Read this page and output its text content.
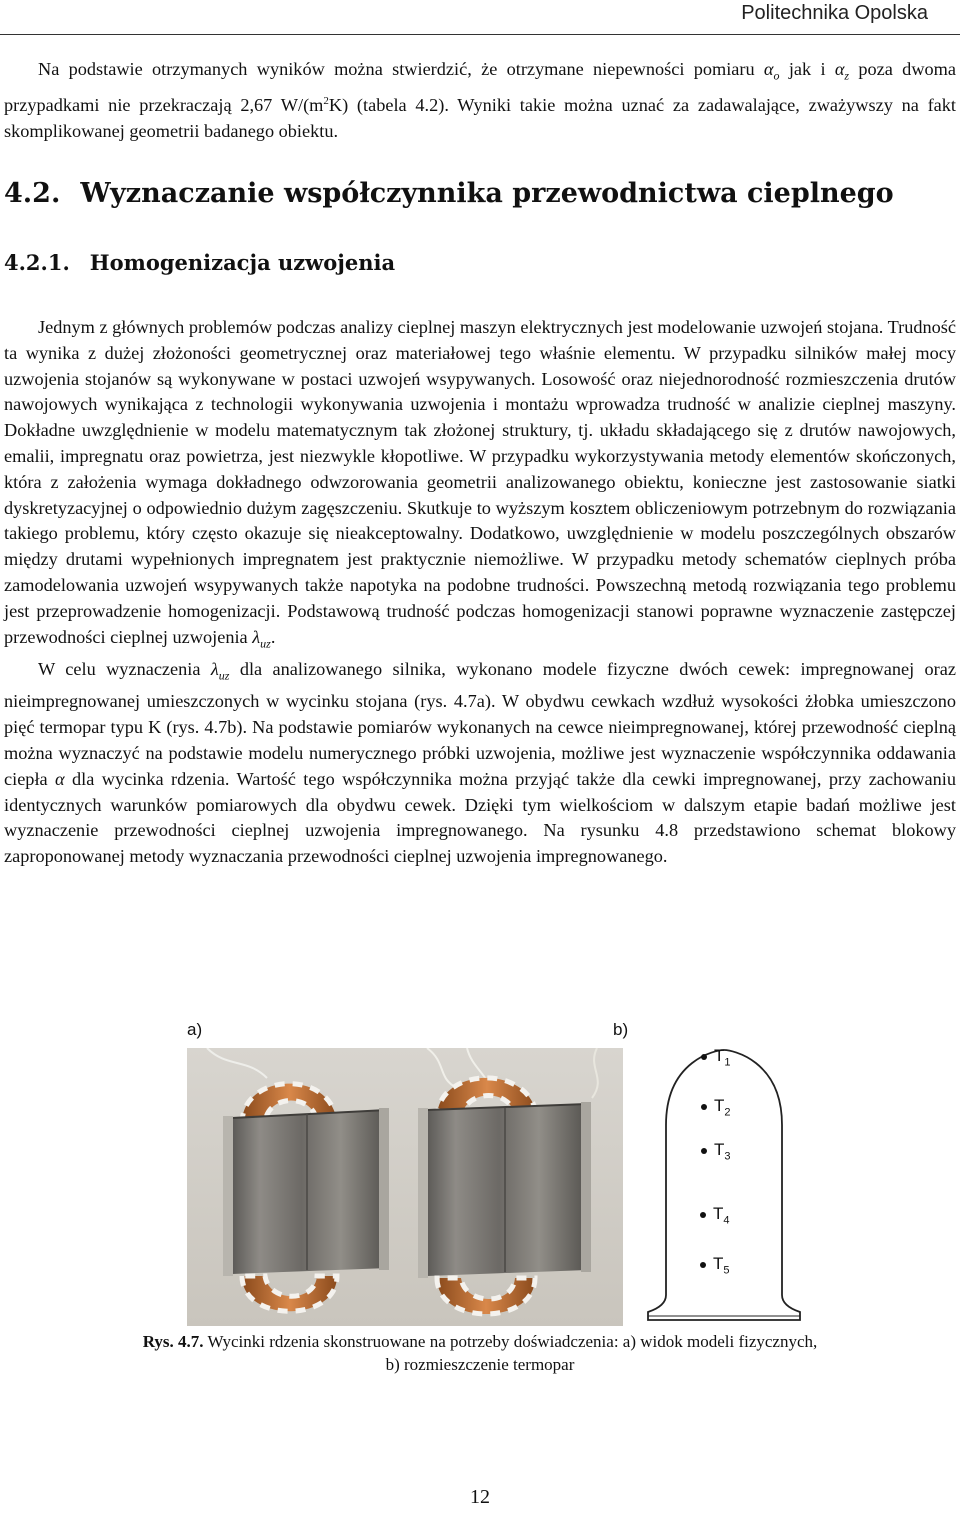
Politechnika Opolska

Na podstawie otrzymanych wyników można stwierdzić, że otrzymane niepewności pomiaru $\alpha_o$ jak i $\alpha_z$ poza dwoma przypadkami nie przekraczają 2,67 $W/(m^2K)$ (tabela 4.2). Wyniki takie można uznać za zadawalające, zważywszy na fakt skomplikowanej geometrii badanego obiektu.

4.2. Wyznaczanie współczynnika przewodnictwa cieplnego
4.2.1. Homogenizacja uzwojenia

Jednym z głównych problemów podczas analizy cieplnej maszyn elektrycznych jest modelowanie uzwojeń stojana. Trudność ta wynika z dużej złożoności geometrycznej oraz materiałowej tego właśnie elementu. W przypadku silników małej mocy uzwojenia stojanów są wykonywane w postaci uzwojeń wsypywanych. Losowość oraz niejednorodność rozmieszczenia drutów nawojowych wynikająca z technologii wykonywania uzwojenia i montażu wprowadza trudność w analizie cieplnej maszyny. Dokładne uwzględnienie w modelu matematycznym tak złożonej struktury, tj. układu składającego się z drutów nawojowych, emalii, impregnatu oraz powietrza, jest niezwykle kłopotliwe. W przypadku wykorzystywania metody elementów skończonych, która z założenia wymaga dokładnego odwzorowania geometrii analizowanego obiektu, konieczne jest zastosowanie siatki dyskretyzacyjnej o odpowiednio dużym zagęszczeniu. Skutkuje to wyższym kosztem obliczeniowym potrzebnym do rozwiązania takiego problemu, który często okazuje się nieakceptowalny. Dodatkowo, uwzględnienie w modelu poszczególnych obszarów między drutami wypełnionych impregnatem jest praktycznie niemożliwe. W przypadku metody schematów cieplnych próba zamodelowania uzwojeń wsypywanych także napotyka na podobne trudności. Powszechną metodą rozwiązania tego problemu jest przeprowadzenie homogenizacji. Podstawową trudność podczas homogenizacji stanowi poprawne wyznaczenie zastępczej przewodności cieplnej uzwojenia $\lambda_{uz}$.

W celu wyznaczenia $\lambda_{uz}$ dla analizowanego silnika, wykonano modele fizyczne dwóch cewek: impregnowanej oraz nieimpregnowanej umieszczonych w wycinku stojana (rys. 4.7a). W obydwu cewkach wzdłuż wysokości żłobka umieszczono pięć termopar typu K (rys. 4.7b). Na podstawie pomiarów wykonanych na cewce nieimpregnowanej, której przewodność cieplną można wyznaczyć na podstawie modelu numerycznego próbki uzwojenia, możliwe jest wyznaczenie współczynnika oddawania ciepła α dla wycinka rdzenia. Wartość tego współczynnika można przyjąć także dla cewki impregnowanej, przy zachowaniu identycznych warunków pomiarowych dla obydwu cewek. Dzięki tym wielkościom w dalszym etapie badań możliwe jest wyznaczenie przewodności cieplnej uzwojenia impregnowanego. Na rysunku 4.8 przedstawiono schemat blokowy zaproponowanej metody wyznaczania przewodności cieplnej uzwojenia impregnowanego.

a)	b)
$T_1$
$T_2$
$T_3$
$T_4$
$T_5$
Rys. 4.7. Wycinki rdzenia skonstruowane na potrzeby doświadczenia: a) widok modeli fizycznych,
b) rozmieszczenie termopar
12
